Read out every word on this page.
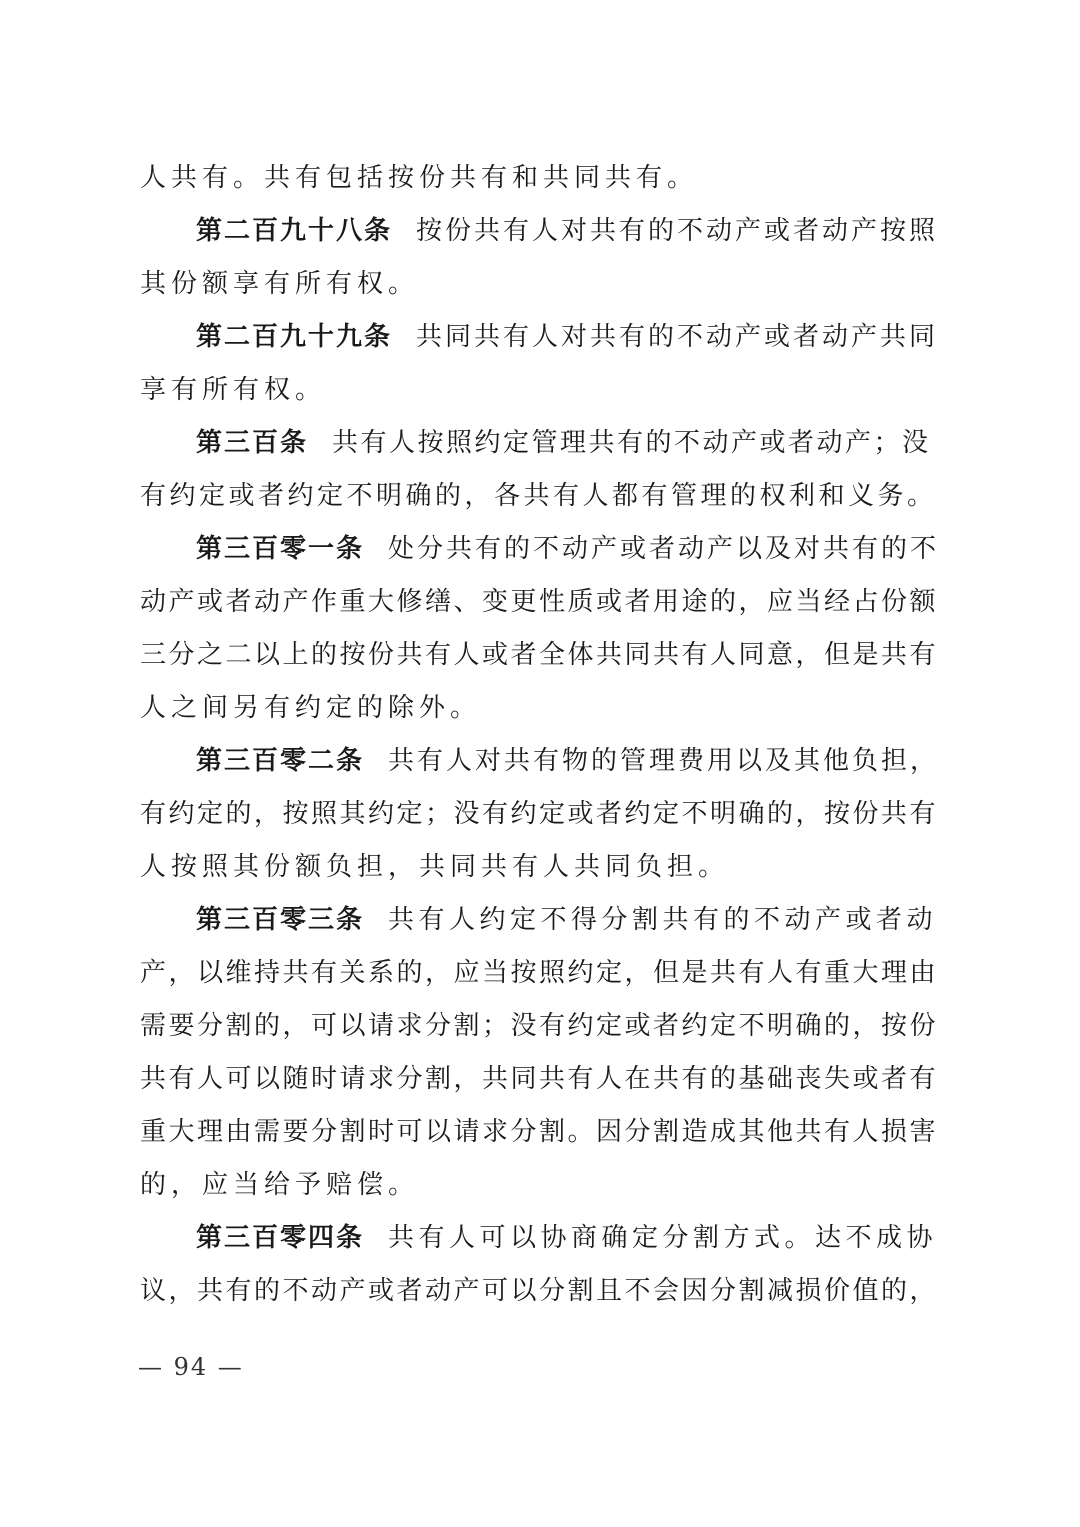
人共有。共有包括按份共有和共同共有。
第二百九十八条 按份共有人对共有的不动产或者动产按照
其份额享有所有权。
第二百九十九条 共同共有人对共有的不动产或者动产共同
享有所有权。
第三百条 共有人按照约定管理共有的不动产或者动产；没
有约定或者约定不明确的，各共有人都有管理的权利和义务。
第三百零一条 处分共有的不动产或者动产以及对共有的不
动产或者动产作重大修缮、变更性质或者用途的，应当经占份额
三分之二以上的按份共有人或者全体共同共有人同意，但是共有
人之间另有约定的除外。
第三百零二条 共有人对共有物的管理费用以及其他负担，
有约定的，按照其约定；没有约定或者约定不明确的，按份共有
人按照其份额负担，共同共有人共同负担。
第三百零三条 共有人约定不得分割共有的不动产或者动
产，以维持共有关系的，应当按照约定，但是共有人有重大理由
需要分割的，可以请求分割；没有约定或者约定不明确的，按份
共有人可以随时请求分割，共同共有人在共有的基础丧失或者有
重大理由需要分割时可以请求分割。因分割造成其他共有人损害
的，应当给予赔偿。
第三百零四条 共有人可以协商确定分割方式。达不成协
议，共有的不动产或者动产可以分割且不会因分割减损价值的，
— 94 —
